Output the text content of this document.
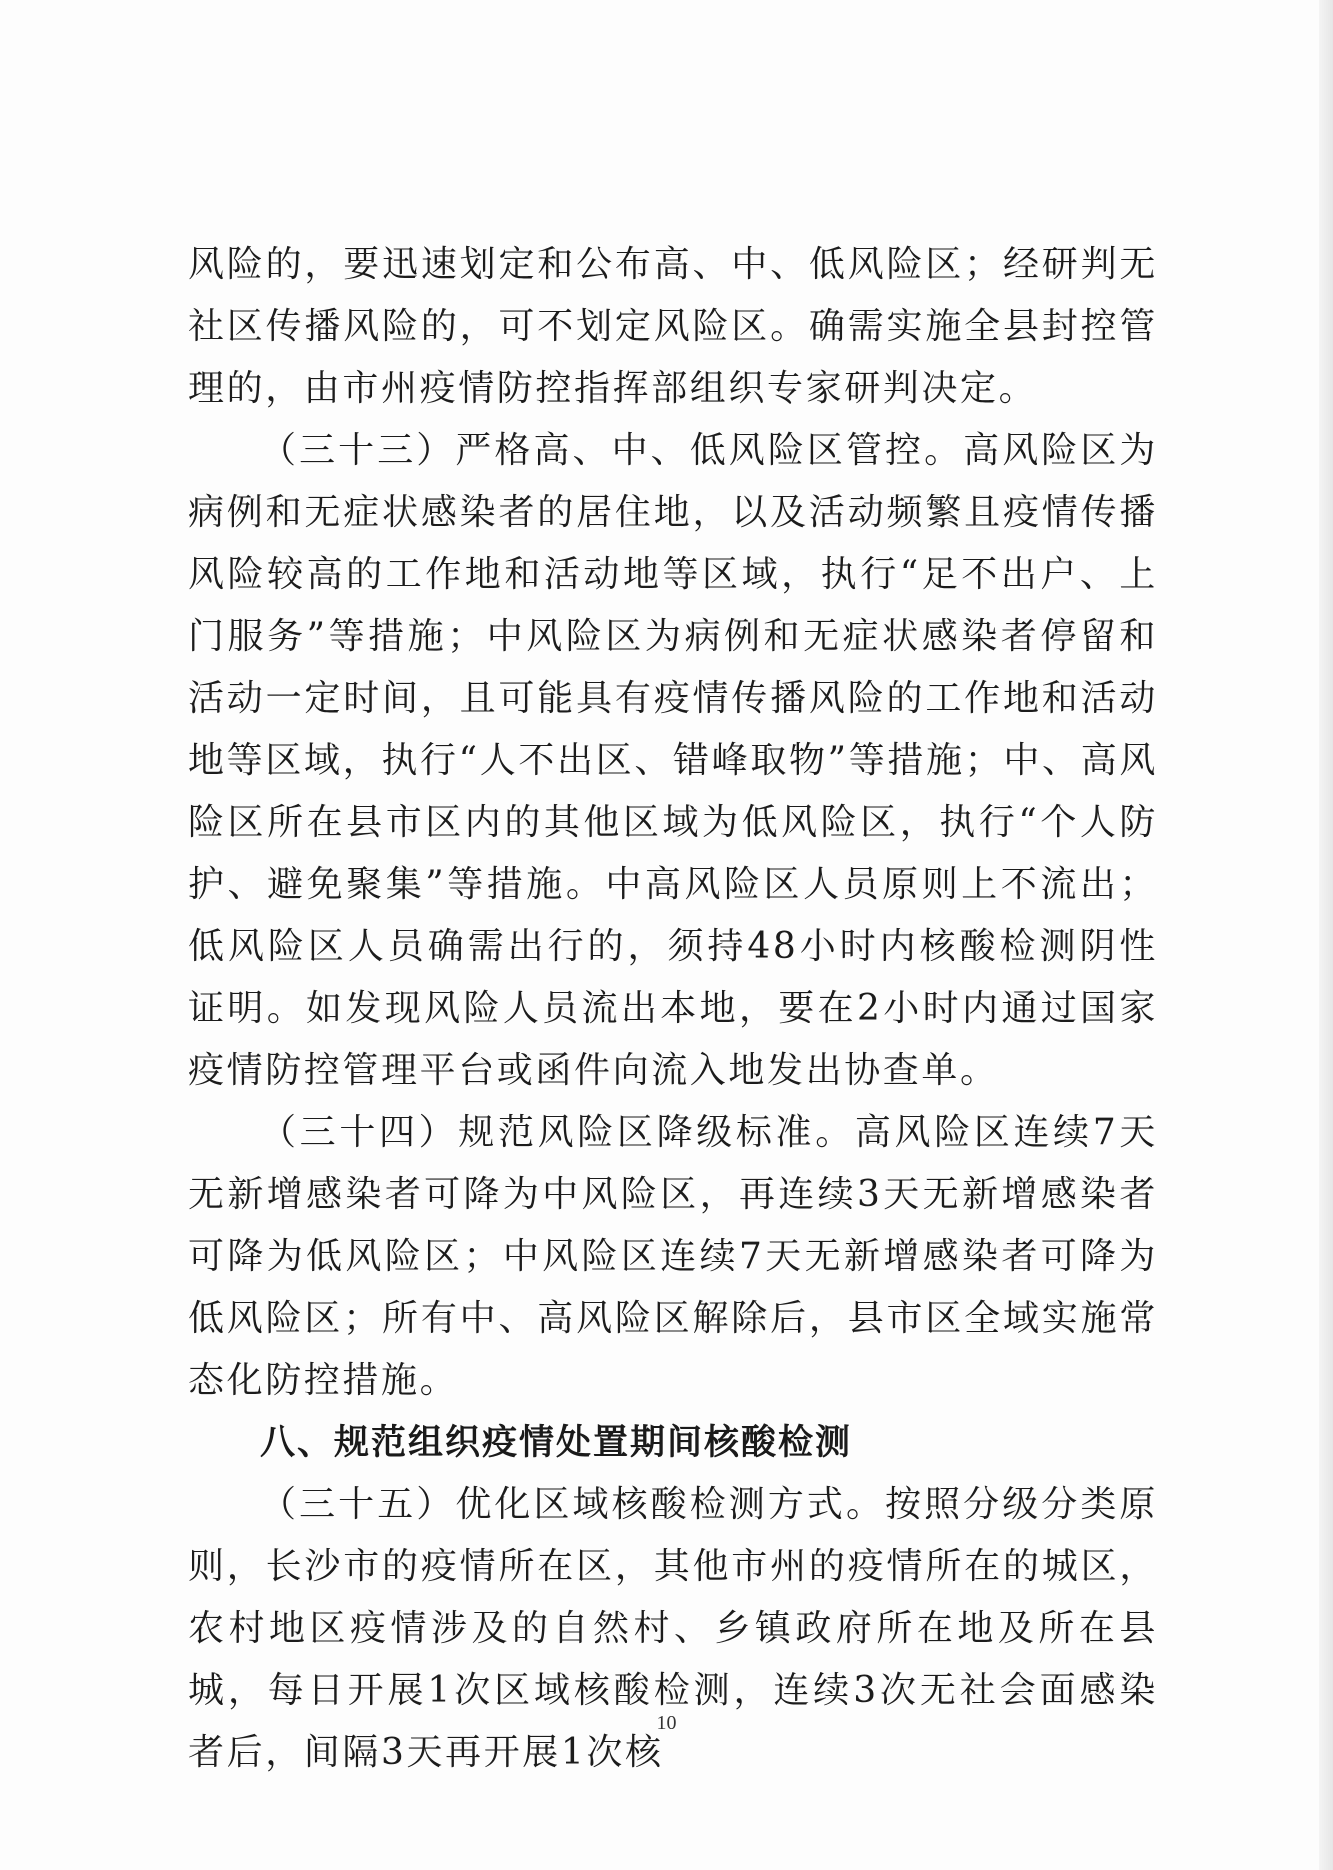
风险的，要迅速划定和公布高、中、低风险区；经研判无社区传播风险的，可不划定风险区。确需实施全县封控管理的，由市州疫情防控指挥部组织专家研判决定。

（三十三）严格高、中、低风险区管控。高风险区为病例和无症状感染者的居住地，以及活动频繁且疫情传播风险较高的工作地和活动地等区域，执行“足不出户、上门服务”等措施；中风险区为病例和无症状感染者停留和活动一定时间，且可能具有疫情传播风险的工作地和活动地等区域，执行“人不出区、错峰取物”等措施；中、高风险区所在县市区内的其他区域为低风险区，执行“个人防护、避免聚集”等措施。中高风险区人员原则上不流出；低风险区人员确需出行的，须持48小时内核酸检测阴性证明。如发现风险人员流出本地，要在2小时内通过国家疫情防控管理平台或函件向流入地发出协查单。

（三十四）规范风险区降级标准。高风险区连续7天无新增感染者可降为中风险区，再连续3天无新增感染者可降为低风险区；中风险区连续7天无新增感染者可降为低风险区；所有中、高风险区解除后，县市区全域实施常态化防控措施。

八、规范组织疫情处置期间核酸检测

（三十五）优化区域核酸检测方式。按照分级分类原则，长沙市的疫情所在区，其他市州的疫情所在的城区，农村地区疫情涉及的自然村、乡镇政府所在地及所在县城，每日开展1次区域核酸检测，连续3次无社会面感染者后，间隔3天再开展1次核

10
